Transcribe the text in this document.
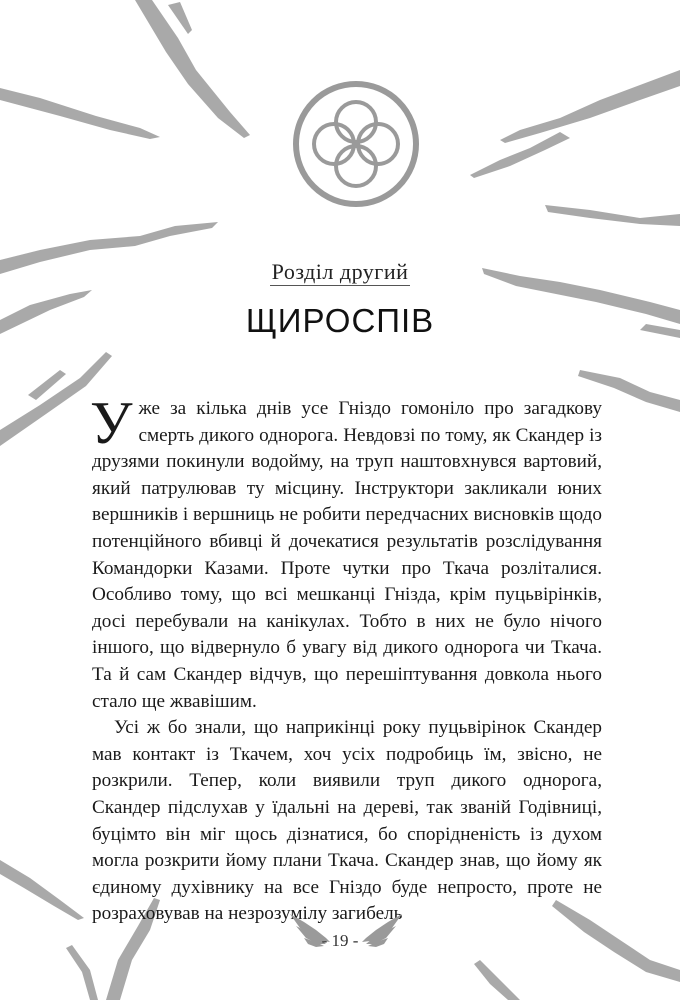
Розділ другий
ЩИРОСПІВ

Уже за кілька днів усе Гніздо гомоніло про загадкову смерть дикого однорога. Невдовзі по тому, як Скандер із друзями покинули водойму, на труп наштовхнувся вартовий, який патрулював ту місцину. Інструктори закликали юних вершників і вершниць не робити передчасних висновків щодо потенційного вбивці й дочекатися результатів розслідування Командорки Казами. Проте чутки про Ткача розліталися. Особливо тому, що всі мешканці Гнізда, крім пуцьвірінків, досі перебували на канікулах. Тобто в них не було нічого іншого, що відвернуло б увагу від дикого однорога чи Ткача. Та й сам Скандер відчув, що перешіптування довкола нього стало ще жвавішим.

Усі ж бо знали, що наприкінці року пуцьвірінок Скандер мав контакт із Ткачем, хоч усіх подробиць їм, звісно, не розкрили. Тепер, коли виявили труп дикого однорога, Скандер підслухав у їдальні на дереві, так званій Годівниці, буцімто він міг щось дізнатися, бо спорідненість із духом могла розкрити йому плани Ткача. Скандер знав, що йому як єдиному духівнику на все Гніздо буде непросто, проте не розраховував на незрозумілу загибель

- 19 -
